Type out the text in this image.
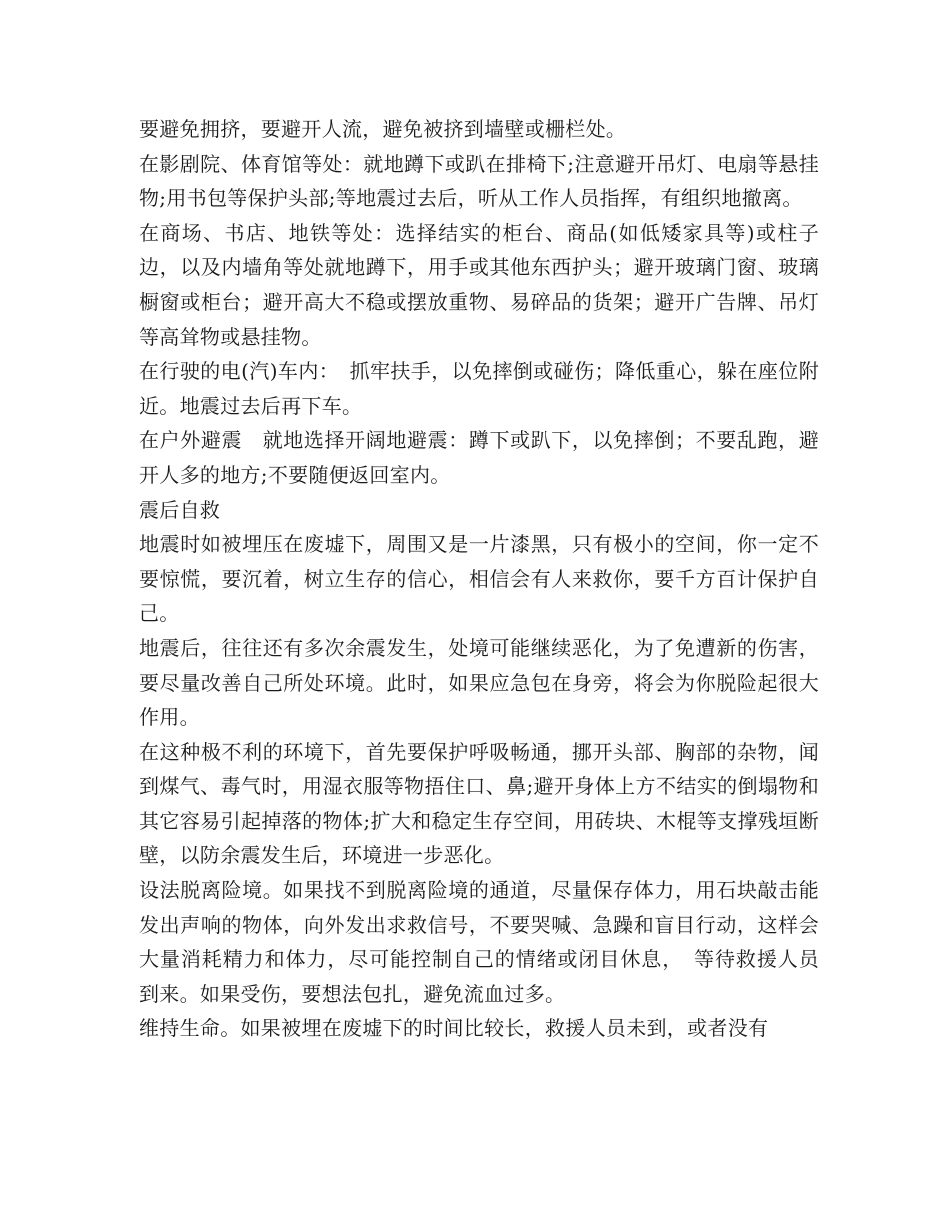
要避免拥挤，要避开人流，避免被挤到墙壁或栅栏处。

在影剧院、体育馆等处：就地蹲下或趴在排椅下;注意避开吊灯、电扇等悬挂物;用书包等保护头部;等地震过去后，听从工作人员指挥，有组织地撤离。

在商场、书店、地铁等处：选择结实的柜台、商品(如低矮家具等)或柱子边，以及内墙角等处就地蹲下，用手或其他东西护头；避开玻璃门窗、玻璃橱窗或柜台；避开高大不稳或摆放重物、易碎品的货架；避开广告牌、吊灯等高耸物或悬挂物。

在行驶的电(汽)车内：　抓牢扶手，以免摔倒或碰伤；降低重心，躲在座位附近。地震过去后再下车。

在户外避震　就地选择开阔地避震：蹲下或趴下，以免摔倒；不要乱跑，避开人多的地方;不要随便返回室内。

震后自救

地震时如被埋压在废墟下，周围又是一片漆黑，只有极小的空间，你一定不要惊慌，要沉着，树立生存的信心，相信会有人来救你，要千方百计保护自己。

地震后，往往还有多次余震发生，处境可能继续恶化，为了免遭新的伤害，要尽量改善自己所处环境。此时，如果应急包在身旁，将会为你脱险起很大作用。

在这种极不利的环境下，首先要保护呼吸畅通，挪开头部、胸部的杂物，闻到煤气、毒气时，用湿衣服等物捂住口、鼻;避开身体上方不结实的倒塌物和其它容易引起掉落的物体;扩大和稳定生存空间，用砖块、木棍等支撑残垣断壁，以防余震发生后，环境进一步恶化。

设法脱离险境。如果找不到脱离险境的通道，尽量保存体力，用石块敲击能发出声响的物体，向外发出求救信号，不要哭喊、急躁和盲目行动，这样会大量消耗精力和体力，尽可能控制自己的情绪或闭目休息，　等待救援人员到来。如果受伤，要想法包扎，避免流血过多。

维持生命。如果被埋在废墟下的时间比较长，救援人员未到，或者没有
